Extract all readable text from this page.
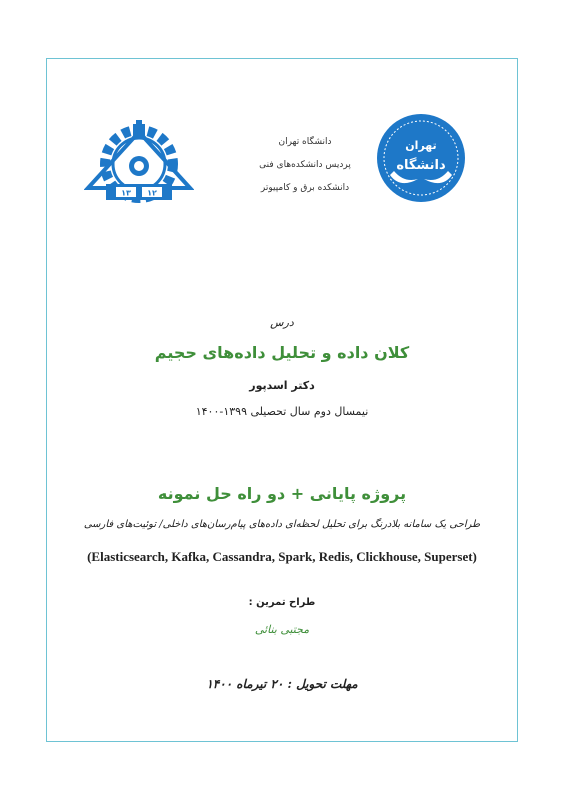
۱۳ ۱۲
دانشگاه تهران
پردیس دانشکده‌های فنی
دانشکده برق و کامپیوتر
تهران
دانشگاه
درس
کلان داده و تحلیل داده‌های حجیم
دکتر اسدپور
نیمسال دوم سال تحصیلی ۱۳۹۹-۱۴۰۰
پروژه پایانی + دو راه حل نمونه
طراحی یک سامانه بلادرنگ برای تحلیل لحظه‌ای داده‌های پیام‌رسان‌های داخلی/ توئیت‌های فارسی
(Elasticsearch, Kafka, Cassandra, Spark, Redis, Clickhouse, Superset)
طراح تمرین :
مجتبی بنائی
مهلت تحویل : ۲۰ تیرماه ۱۴۰۰
